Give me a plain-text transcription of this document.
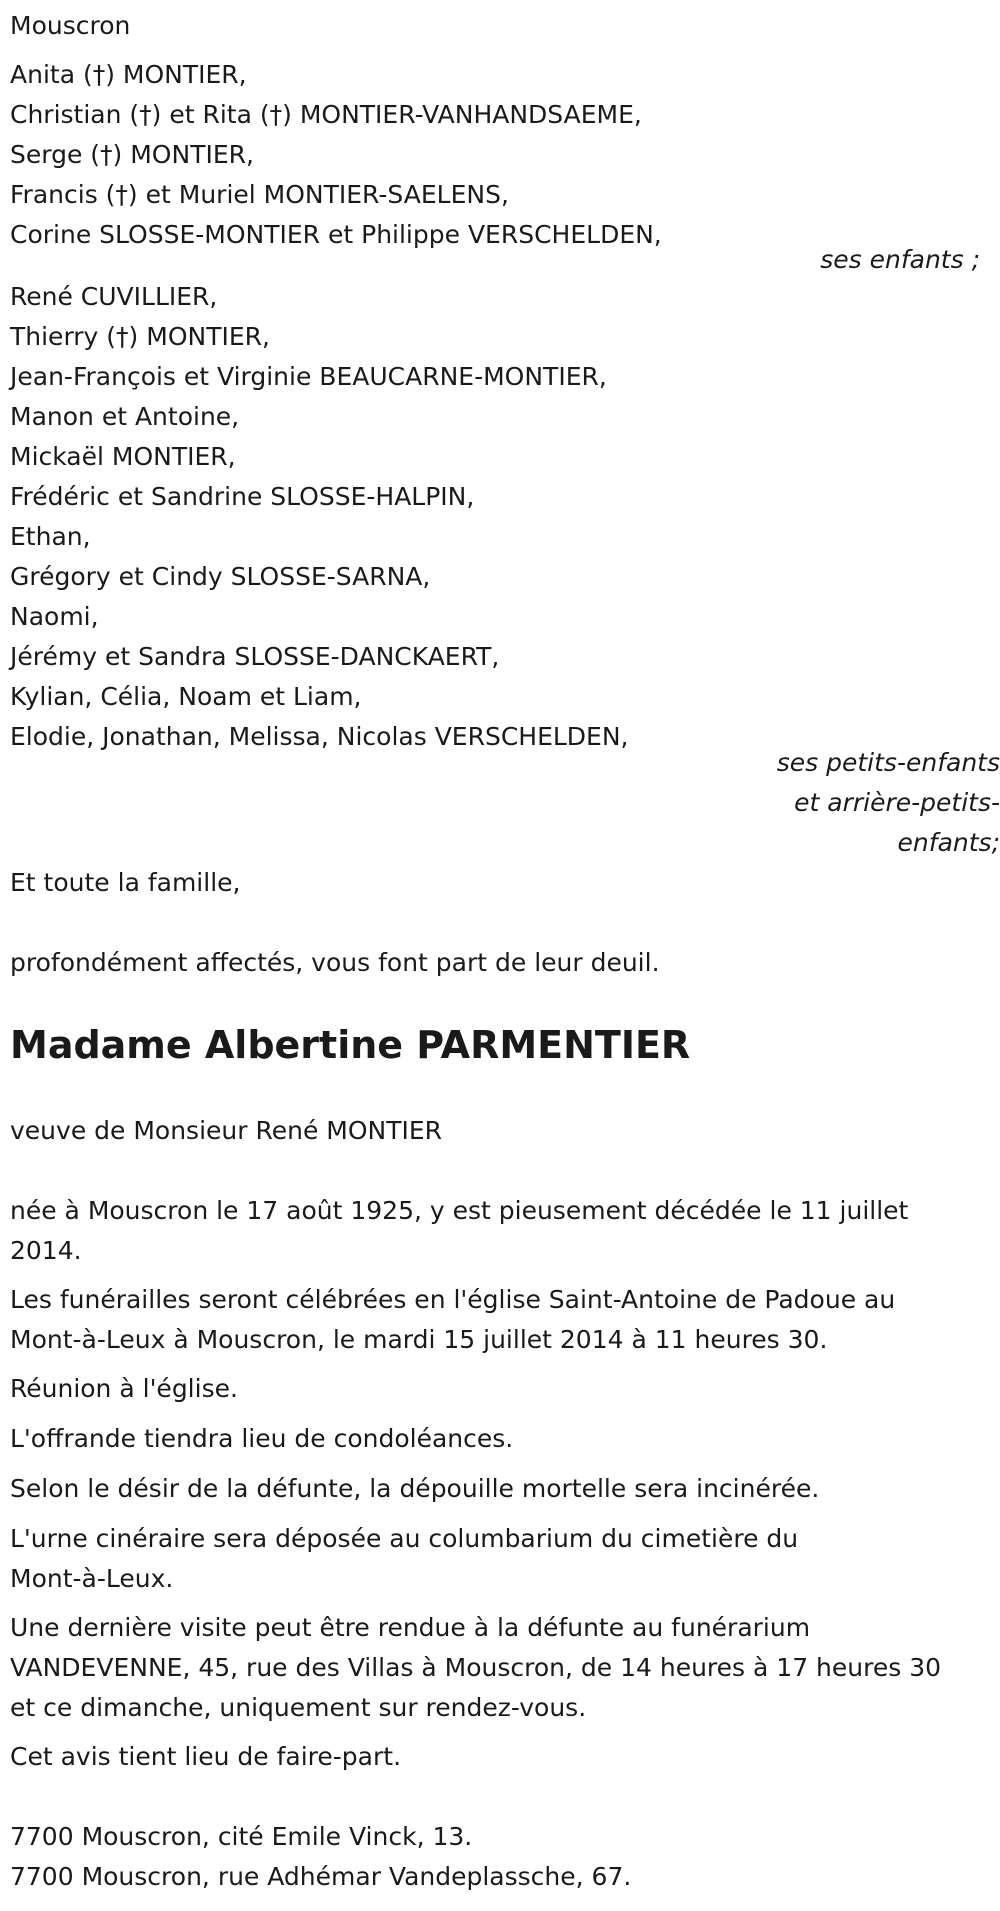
Mouscron
Anita (†) MONTIER,
Christian (†) et Rita (†) MONTIER-VANHANDSAEME,
Serge (†) MONTIER,
Francis (†) et Muriel MONTIER-SAELENS,
Corine SLOSSE-MONTIER et Philippe VERSCHELDEN,
ses enfants ;
René CUVILLIER,
Thierry (†) MONTIER,
Jean-François et Virginie BEAUCARNE-MONTIER,
Manon et Antoine,
Mickaël MONTIER,
Frédéric et Sandrine SLOSSE-HALPIN,
Ethan,
Grégory et Cindy SLOSSE-SARNA,
Naomi,
Jérémy et Sandra SLOSSE-DANCKAERT,
Kylian, Célia, Noam et Liam,
Elodie, Jonathan, Melissa, Nicolas VERSCHELDEN,
ses petits-enfants
et arrière-petits-
enfants;
Et toute la famille,
profondément affectés, vous font part de leur deuil.
Madame Albertine PARMENTIER
veuve de Monsieur René MONTIER
née à Mouscron le 17 août 1925, y est pieusement décédée le 11 juillet
2014.
Les funérailles seront célébrées en l'église Saint-Antoine de Padoue au
Mont-à-Leux à Mouscron, le mardi 15 juillet 2014 à 11 heures 30.
Réunion à l'église.
L'offrande tiendra lieu de condoléances.
Selon le désir de la défunte, la dépouille mortelle sera incinérée.
L'urne cinéraire sera déposée au columbarium du cimetière du
Mont-à-Leux.
Une dernière visite peut être rendue à la défunte au funérarium
VANDEVENNE, 45, rue des Villas à Mouscron, de 14 heures à 17 heures 30
et ce dimanche, uniquement sur rendez-vous.
Cet avis tient lieu de faire-part.
7700 Mouscron, cité Emile Vinck, 13.
7700 Mouscron, rue Adhémar Vandeplassche, 67.
